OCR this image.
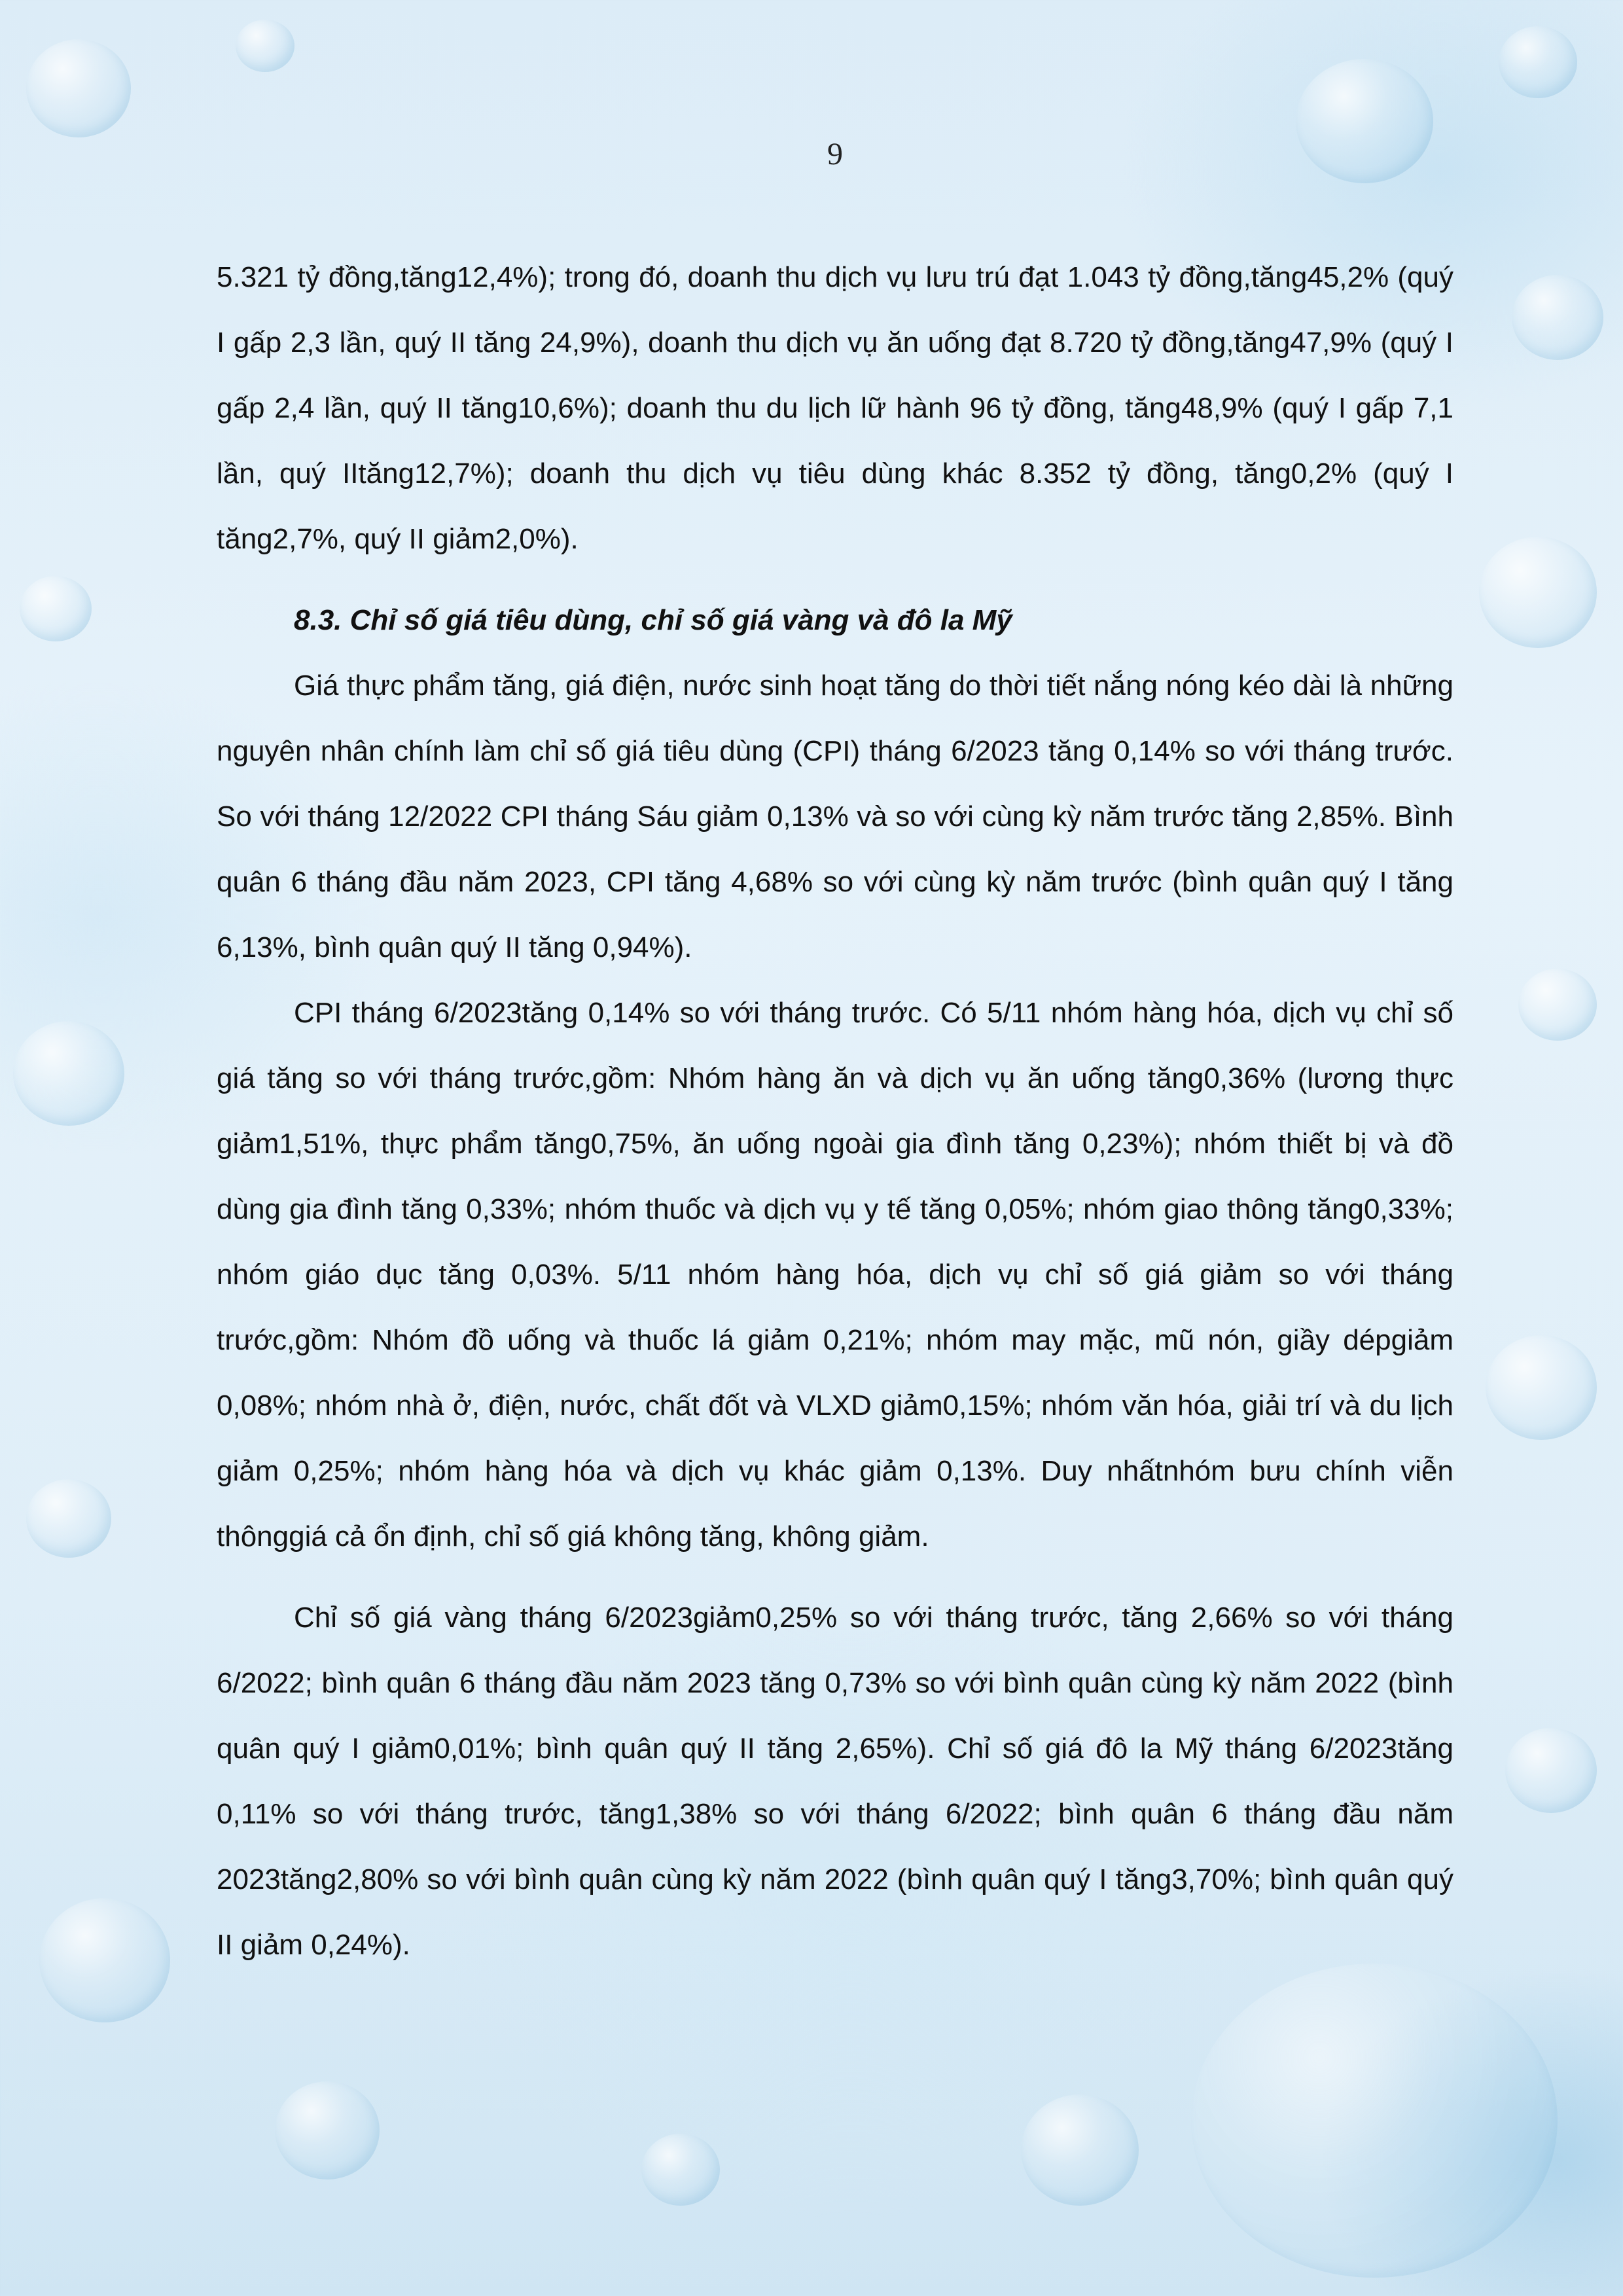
9

5.321 tỷ đồng,tăng12,4%); trong đó, doanh thu dịch vụ lưu trú đạt 1.043 tỷ đồng,tăng45,2% (quý I gấp 2,3 lần, quý II tăng 24,9%), doanh thu dịch vụ ăn uống đạt 8.720 tỷ đồng,tăng47,9% (quý I gấp 2,4 lần, quý II tăng10,6%); doanh thu du lịch lữ hành 96 tỷ đồng, tăng48,9% (quý I gấp 7,1 lần, quý IItăng12,7%); doanh thu dịch vụ tiêu dùng khác 8.352 tỷ đồng, tăng0,2% (quý I tăng2,7%, quý II giảm2,0%).

8.3. Chỉ số giá tiêu dùng, chỉ số giá vàng và đô la Mỹ

Giá thực phẩm tăng, giá điện, nước sinh hoạt tăng do thời tiết nắng nóng kéo dài là những nguyên nhân chính làm chỉ số giá tiêu dùng (CPI) tháng 6/2023 tăng 0,14% so với tháng trước. So với tháng 12/2022 CPI tháng Sáu giảm 0,13% và so với cùng kỳ năm trước tăng 2,85%. Bình quân 6 tháng đầu năm 2023, CPI tăng 4,68% so với cùng kỳ năm trước (bình quân quý I tăng 6,13%, bình quân quý II tăng 0,94%).

CPI tháng 6/2023tăng 0,14% so với tháng trước. Có 5/11 nhóm hàng hóa, dịch vụ chỉ số giá tăng so với tháng trước,gồm: Nhóm hàng ăn và dịch vụ ăn uống tăng0,36% (lương thực giảm1,51%, thực phẩm tăng0,75%, ăn uống ngoài gia đình tăng 0,23%); nhóm thiết bị và đồ dùng gia đình tăng 0,33%; nhóm thuốc và dịch vụ y tế tăng 0,05%; nhóm giao thông tăng0,33%; nhóm giáo dục tăng 0,03%. 5/11 nhóm hàng hóa, dịch vụ chỉ số giá giảm so với tháng trước,gồm: Nhóm đồ uống và thuốc lá giảm 0,21%; nhóm may mặc, mũ nón, giầy dépgiảm 0,08%; nhóm nhà ở, điện, nước, chất đốt và VLXD giảm0,15%; nhóm văn hóa, giải trí và du lịch giảm 0,25%; nhóm hàng hóa và dịch vụ khác giảm 0,13%. Duy nhấtnhóm bưu chính viễn thônggiá cả ổn định, chỉ số giá không tăng, không giảm.

Chỉ số giá vàng tháng 6/2023giảm0,25% so với tháng trước, tăng 2,66% so với tháng 6/2022; bình quân 6 tháng đầu năm 2023 tăng 0,73% so với bình quân cùng kỳ năm 2022 (bình quân quý I giảm0,01%; bình quân quý II tăng 2,65%). Chỉ số giá đô la Mỹ tháng 6/2023tăng 0,11% so với tháng trước, tăng1,38% so với tháng 6/2022; bình quân 6 tháng đầu năm 2023tăng2,80% so với bình quân cùng kỳ năm 2022 (bình quân quý I tăng3,70%; bình quân quý II giảm 0,24%).
